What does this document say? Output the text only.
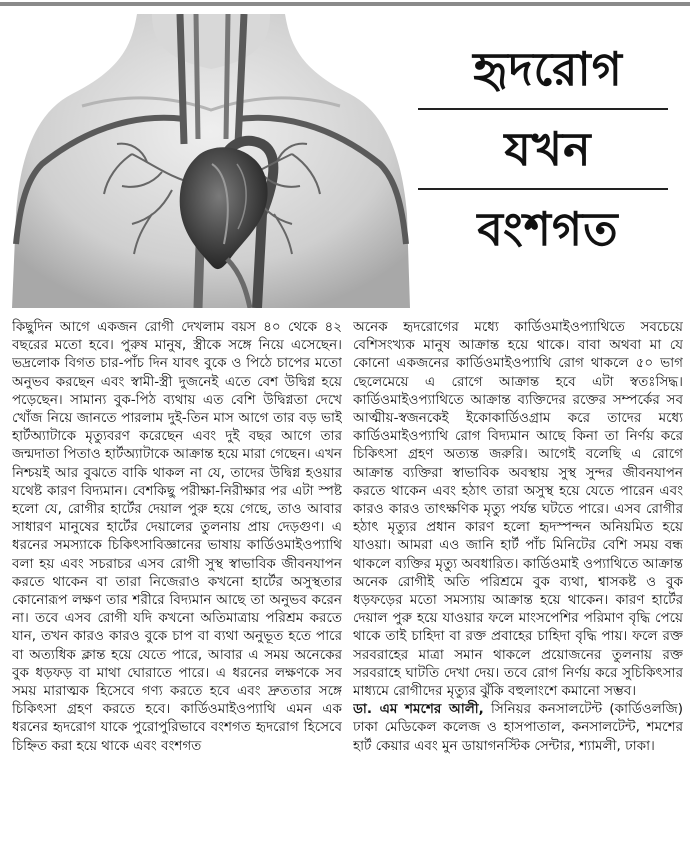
হৃদরোগ
যখন
বংশগত

কিছুদিন আগে একজন রোগী দেখলাম বয়স ৪০ থেকে ৪২ বছরের মতো হবে। পুরুষ মানুষ, স্ত্রীকে সঙ্গে নিয়ে এসেছেন। ভদ্রলোক বিগত চার-পাঁচ দিন যাবৎ বুকে ও পিঠে চাপের মতো অনুভব করছেন এবং স্বামী-স্ত্রী দুজনেই এতে বেশ উদ্বিগ্ন হয়ে পড়েছেন। সামান্য বুক-পিঠ ব্যথায় এত বেশি উদ্বিগ্নতা দেখে খোঁজ নিয়ে জানতে পারলাম দুই-তিন মাস আগে তার বড় ভাই হার্টঅ্যাটাকে মৃত্যুবরণ করেছেন এবং দুই বছর আগে তার জন্মদাতা পিতাও হার্টঅ্যাটাকে আক্রান্ত হয়ে মারা গেছেন। এখন নিশ্চয়ই আর বুঝতে বাকি থাকল না যে, তাদের উদ্বিগ্ন হওয়ার যথেষ্ট কারণ বিদ্যমান। বেশকিছু পরীক্ষা-নিরীক্ষার পর এটা স্পষ্ট হলো যে, রোগীর হার্টের দেয়াল পুরু হয়ে গেছে, তাও আবার সাধারণ মানুষের হার্টের দেয়ালের তুলনায় প্রায় দেড়গুণ। এ ধরনের সমস্যাকে চিকিৎসাবিজ্ঞানের ভাষায় কার্ডিওমাইওপ্যাথি বলা হয় এবং সচরাচর এসব রোগী সুস্থ স্বাভাবিক জীবনযাপন করতে থাকেন বা তারা নিজেরাও কখনো হার্টের অসুস্থতার কোনোরূপ লক্ষণ তার শরীরে বিদ্যমান আছে তা অনুভব করেন না। তবে এসব রোগী যদি কখনো অতিমাত্রায় পরিশ্রম করতে যান, তখন কারও কারও বুকে চাপ বা ব্যথা অনুভূত হতে পারে বা অত্যধিক ক্লান্ত হয়ে যেতে পারে, আবার এ সময় অনেকের বুক ধড়ফড় বা মাথা ঘোরাতে পারে। এ ধরনের লক্ষণকে সব সময় মারাত্মক হিসেবে গণ্য করতে হবে এবং দ্রুততার সঙ্গে চিকিৎসা গ্রহণ করতে হবে। কার্ডিওমাইওপ্যাথি এমন এক ধরনের হৃদরোগ যাকে পুরোপুরিভাবে বংশগত হৃদরোগ হিসেবে চিহ্নিত করা হয়ে থাকে এবং বংশগত

অনেক হৃদরোগের মধ্যে কার্ডিওমাইওপ্যাথিতে সবচেয়ে বেশিসংখ্যক মানুষ আক্রান্ত হয়ে থাকে। বাবা অথবা মা যে কোনো একজনের কার্ডিওমাইওপ্যাথি রোগ থাকলে ৫০ ভাগ ছেলেমেয়ে এ রোগে আক্রান্ত হবে এটা স্বতঃসিদ্ধ। কার্ডিওমাইওপ্যাথিতে আক্রান্ত ব্যক্তিদের রক্তের সম্পর্কের সব আত্মীয়-স্বজনকেই ইকোকার্ডিওগ্রাম করে তাদের মধ্যে কার্ডিওমাইওপ্যাথি রোগ বিদ্যমান আছে কিনা তা নির্ণয় করে চিকিৎসা গ্রহণ অত্যন্ত জরুরি। আগেই বলেছি এ রোগে আক্রান্ত ব্যক্তিরা স্বাভাবিক অবস্থায় সুস্থ সুন্দর জীবনযাপন করতে থাকেন এবং হঠাৎ তারা অসুস্থ হয়ে যেতে পারেন এবং কারও কারও তাৎক্ষণিক মৃত্যু পর্যন্ত ঘটতে পারে। এসব রোগীর হঠাৎ মৃত্যুর প্রধান কারণ হলো হৃদস্পন্দন অনিয়মিত হয়ে যাওয়া। আমরা এও জানি হার্ট পাঁচ মিনিটের বেশি সময় বন্ধ থাকলে ব্যক্তির মৃত্যু অবধারিত। কার্ডিওমাই ওপ্যাথিতে আক্রান্ত অনেক রোগীই অতি পরিশ্রমে বুক ব্যথা, শ্বাসকষ্ট ও বুক ধড়ফড়ের মতো সমস্যায় আক্রান্ত হয়ে থাকেন। কারণ হার্টের দেয়াল পুরু হয়ে যাওয়ার ফলে মাংসপেশির পরিমাণ বৃদ্ধি পেয়ে থাকে তাই চাহিদা বা রক্ত প্রবাহের চাহিদা বৃদ্ধি পায়। ফলে রক্ত সরবরাহের মাত্রা সমান থাকলে প্রয়োজনের তুলনায় রক্ত সরবরাহে ঘাটতি দেখা দেয়। তবে রোগ নির্ণয় করে সুচিকিৎসার মাধ্যমে রোগীদের মৃত্যুর ঝুঁকি বহুলাংশে কমানো সম্ভব।
ডা. এম শমশের আলী, সিনিয়র কনসালটেন্ট (কার্ডিওলজি) ঢাকা মেডিকেল কলেজ ও হাসপাতাল, কনসালটেন্ট, শমশের হার্ট কেয়ার এবং মুন ডায়াগনস্টিক সেন্টার, শ্যামলী, ঢাকা।
